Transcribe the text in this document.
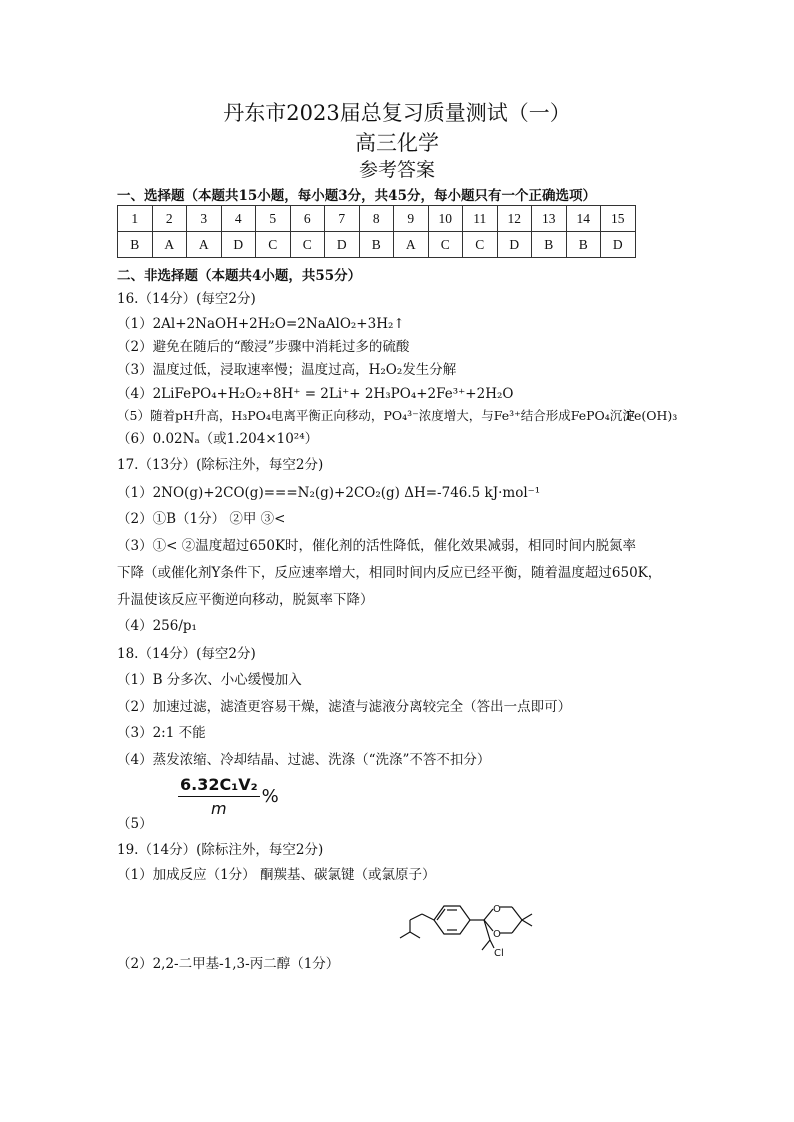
丹东市2023届总复习质量测试（一）
高三化学
参考答案
一、选择题（本题共15小题，每小题3分，共45分，每小题只有一个正确选项）
1	2	3	4	5	6	7	8	9	10	11	12	13	14	15
B	A	A	D	C	C	D	B	A	C	C	D	B	B	D
二、非选择题（本题共4小题，共55分）
16.（14分）(每空2分)
（1）2Al+2NaOH+2H₂O=2NaAlO₂+3H₂↑
（2）避免在随后的“酸浸”步骤中消耗过多的硫酸
（3）温度过低，浸取速率慢；温度过高，H₂O₂发生分解
（4）2LiFePO₄+H₂O₂+8H⁺ = 2Li⁺+ 2H₃PO₄+2Fe³⁺+2H₂O
（5）随着pH升高，H₃PO₄电离平衡正向移动，PO₄³⁻浓度增大，与Fe³⁺结合形成FePO₄沉淀
Fe(OH)₃
（6）0.02Nₐ（或1.204×10²⁴）
17.（13分）(除标注外，每空2分)
（1）2NO(g)+2CO(g)===N₂(g)+2CO₂(g) ΔH=-746.5 kJ·mol⁻¹
（2）①B（1分） ②甲 ③<
（3）①< ②温度超过650K时，催化剂的活性降低，催化效果减弱，相同时间内脱氮率
下降（或催化剂Y条件下，反应速率增大，相同时间内反应已经平衡，随着温度超过650K，
升温使该反应平衡逆向移动，脱氮率下降）
（4）256/p₁
18.（14分）(每空2分)
（1）B 分多次、小心缓慢加入
（2）加速过滤，滤渣更容易干燥，滤渣与滤液分离较完全（答出一点即可）
（3）2:1 不能
（4）蒸发浓缩、冷却结晶、过滤、洗涤（“洗涤”不答不扣分）
$\frac{\text{6.32C₁V₂}}{m}$ %
（5）
19.（14分）(除标注外，每空2分)
（1）加成反应（1分） 酮羰基、碳氯键（或氯原子）
O
O
Cl
（2）2,2-二甲基-1,3-丙二醇（1分）
